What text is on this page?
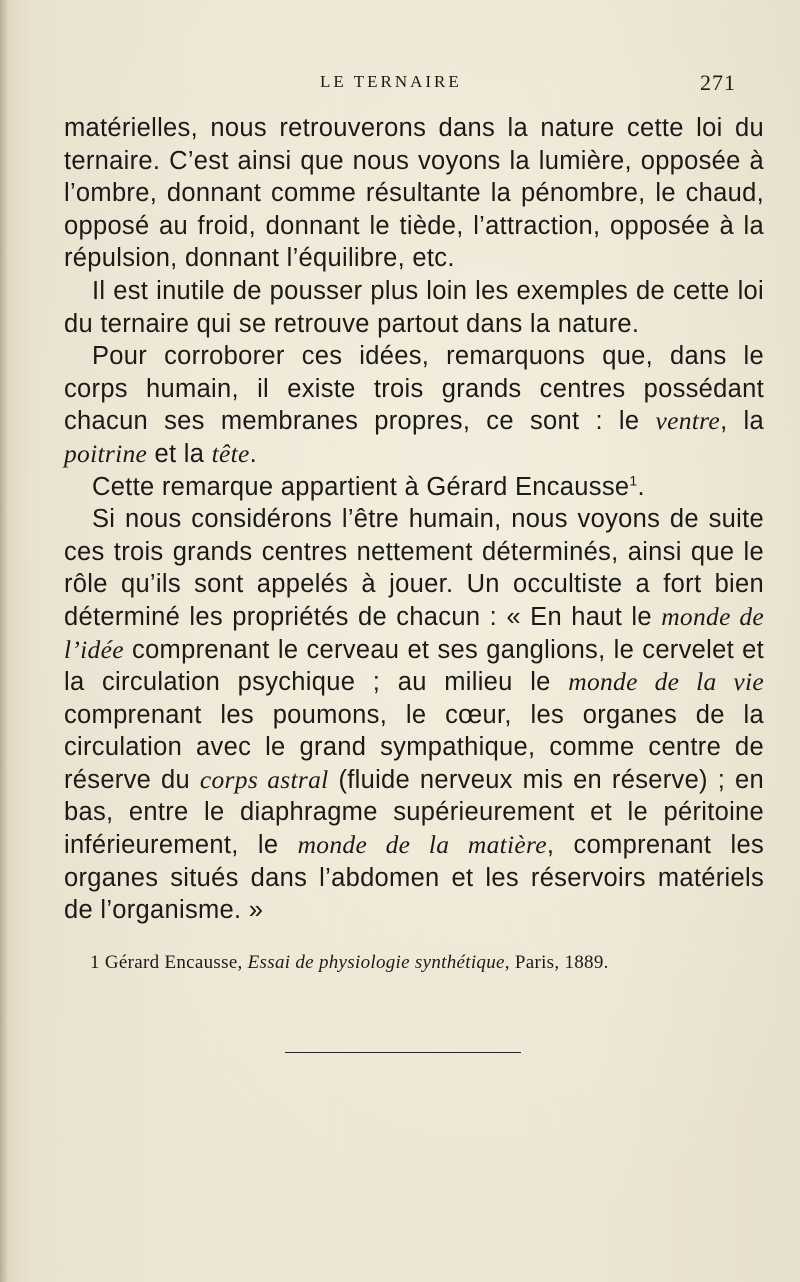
LE TERNAIRE	271

matérielles, nous retrouverons dans la nature cette loi du ternaire. C’est ainsi que nous voyons la lumière, opposée à l’ombre, donnant comme résultante la pénombre, le chaud, opposé au froid, donnant le tiède, l’attraction, opposée à la répulsion, donnant l’équilibre, etc.

Il est inutile de pousser plus loin les exemples de cette loi du ternaire qui se retrouve partout dans la nature.

Pour corroborer ces idées, remarquons que, dans le corps humain, il existe trois grands centres possédant chacun ses membranes propres, ce sont : le ventre, la poitrine et la tête.

Cette remarque appartient à Gérard Encausse$^1$.

Si nous considérons l’être humain, nous voyons de suite ces trois grands centres nettement déterminés, ainsi que le rôle qu’ils sont appelés à jouer. Un occultiste a fort bien déterminé les propriétés de chacun : « En haut le monde de l’idée comprenant le cerveau et ses ganglions, le cervelet et la circulation psychique ; au milieu le monde de la vie comprenant les poumons, le cœur, les organes de la circulation avec le grand sympathique, comme centre de réserve du corps astral (fluide nerveux mis en réserve) ; en bas, entre le diaphragme supérieurement et le péritoine inférieurement, le monde de la matière, comprenant les organes situés dans l’abdomen et les réservoirs matériels de l’organisme. »

1 Gérard Encausse, Essai de physiologie synthétique, Paris, 1889.
